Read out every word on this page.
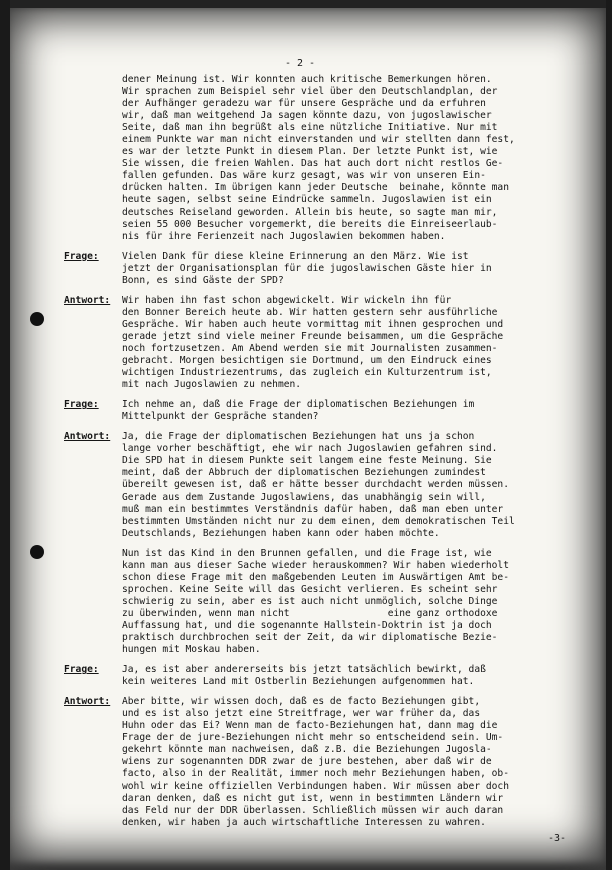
- 2 -
dener Meinung ist. Wir konnten auch kritische Bemerkungen hören.
Wir sprachen zum Beispiel sehr viel über den Deutschlandplan, der
der Aufhänger geradezu war für unsere Gespräche und da erfuhren
wir, daß man weitgehend Ja sagen könnte dazu, von jugoslawischer
Seite, daß man ihn begrüßt als eine nützliche Initiative. Nur mit
einem Punkte war man nicht einverstanden und wir stellten dann fest,
es war der letzte Punkt in diesem Plan. Der letzte Punkt ist, wie
Sie wissen, die freien Wahlen. Das hat auch dort nicht restlos Ge-
fallen gefunden. Das wäre kurz gesagt, was wir von unseren Ein-
drücken halten. Im übrigen kann jeder Deutsche  beinahe, könnte man
heute sagen, selbst seine Eindrücke sammeln. Jugoslawien ist ein
deutsches Reiseland geworden. Allein bis heute, so sagte man mir,
seien 55 000 Besucher vorgemerkt, die bereits die Einreiseerlaub-
nis für ihre Ferienzeit nach Jugoslawien bekommen haben.
Frage:	Vielen Dank für diese kleine Erinnerung an den März. Wie ist
jetzt der Organisationsplan für die jugoslawischen Gäste hier in
Bonn, es sind Gäste der SPD?
Antwort:	Wir haben ihn fast schon abgewickelt. Wir wickeln ihn für
den Bonner Bereich heute ab. Wir hatten gestern sehr ausführliche
Gespräche. Wir haben auch heute vormittag mit ihnen gesprochen und
gerade jetzt sind viele meiner Freunde beisammen, um die Gespräche
noch fortzusetzen. Am Abend werden sie mit Journalisten zusammen-
gebracht. Morgen besichtigen sie Dortmund, um den Eindruck eines
wichtigen Industriezentrums, das zugleich ein Kulturzentrum ist,
mit nach Jugoslawien zu nehmen.
Frage:	Ich nehme an, daß die Frage der diplomatischen Beziehungen im
Mittelpunkt der Gespräche standen?
Antwort:	Ja, die Frage der diplomatischen Beziehungen hat uns ja schon
lange vorher beschäftigt, ehe wir nach Jugoslawien gefahren sind.
Die SPD hat in diesem Punkte seit langem eine feste Meinung. Sie
meint, daß der Abbruch der diplomatischen Beziehungen zumindest
übereilt gewesen ist, daß er hätte besser durchdacht werden müssen.
Gerade aus dem Zustande Jugoslawiens, das unabhängig sein will,
muß man ein bestimmtes Verständnis dafür haben, daß man eben unter
bestimmten Umständen nicht nur zu dem einen, dem demokratischen Teil
Deutschlands, Beziehungen haben kann oder haben möchte.
Nun ist das Kind in den Brunnen gefallen, und die Frage ist, wie
kann man aus dieser Sache wieder herauskommen? Wir haben wiederholt
schon diese Frage mit den maßgebenden Leuten im Auswärtigen Amt be-
sprochen. Keine Seite will das Gesicht verlieren. Es scheint sehr
schwierig zu sein, aber es ist auch nicht unmöglich, solche Dinge
zu überwinden, wenn man nicht                 eine ganz orthodoxe
Auffassung hat, und die sogenannte Hallstein-Doktrin ist ja doch
praktisch durchbrochen seit der Zeit, da wir diplomatische Bezie-
hungen mit Moskau haben.
Frage:	Ja, es ist aber andererseits bis jetzt tatsächlich bewirkt, daß
kein weiteres Land mit Ostberlin Beziehungen aufgenommen hat.
Antwort:	Aber bitte, wir wissen doch, daß es de facto Beziehungen gibt,
und es ist also jetzt eine Streitfrage, wer war früher da, das
Huhn oder das Ei? Wenn man de facto-Beziehungen hat, dann mag die
Frage der de jure-Beziehungen nicht mehr so entscheidend sein. Um-
gekehrt könnte man nachweisen, daß z.B. die Beziehungen Jugosla-
wiens zur sogenannten DDR zwar de jure bestehen, aber daß wir de
facto, also in der Realität, immer noch mehr Beziehungen haben, ob-
wohl wir keine offiziellen Verbindungen haben. Wir müssen aber doch
daran denken, daß es nicht gut ist, wenn in bestimmten Ländern wir
das Feld nur der DDR überlassen. Schließlich müssen wir auch daran
denken, wir haben ja auch wirtschaftliche Interessen zu wahren.
-3-
